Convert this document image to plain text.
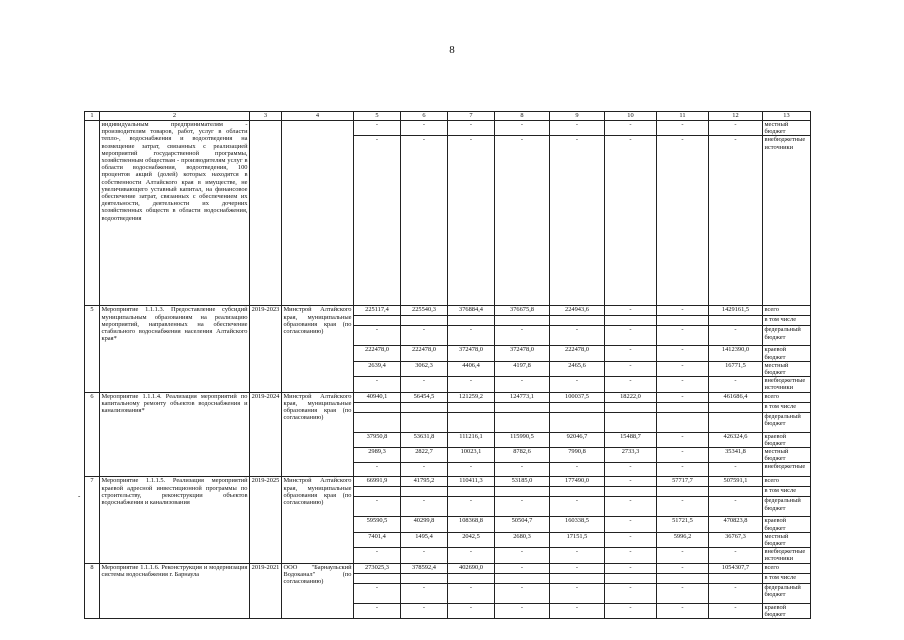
8
1	2	3	4	5	6	7	8	9	10	11	12	13
	индивидуальным предпринимателям - производителям товаров, работ, услуг в области тепло-, водоснабжения и водоотведения на возмещение затрат, связанных с реализацией мероприятий государственной программы, хозяйственным обществам - производителям услуг в области водоснабжения, водоотведения, 100 процентов акций (долей) которых находятся в собственности Алтайского края в имуществе, не увеличивающего уставный капитал, на финансовое обеспечение затрат, связанных с обеспечением их деятельности, деятельности их дочерних хозяйственных обществ в области водоснабжения, водоотведения			-	-	-	-	-	-	-	-	местный бюджет
				-	-	-	-	-	-	-	-	внебюджетные источники
5	Мероприятие 1.1.1.3. Предоставление субсидий муниципальным образованиям на реализацию мероприятий, направленных на обеспечение стабильного водоснабжения населения Алтайского края*	2019-2023	Минстрой Алтайского края, муниципальные образования края (по согласованию)	225117,4	225540,3	376884,4	376675,8	224943,6	-	-	1429161,5	всего
												в том числе
				-	-	-	-	-	-	-	-	федеральный бюджет
				222478,0	222478,0	372478,0	372478,0	222478,0	-	-	1412390,0	краевой бюджет
				2639,4	3062,3	4406,4	4197,8	2465,6	-	-	16771,5	местный бюджет
				-	-	-	-	-	-	-	-	внебюджетные источники
6	Мероприятие 1.1.1.4. Реализация мероприятий по капитальному ремонту объектов водоснабжения и канализования*	2019-2024	Минстрой Алтайского края, муниципальные образования края (по согласованию)	40940,1	56454,5	121259,2	124773,1	100037,5	18222,0	-	461686,4	всего
												в том числе
												федеральный бюджет
				37950,8	53631,8	111216,1	115990,5	92046,7	15488,7	-	426324,6	краевой бюджет
				2989,3	2822,7	10023,1	8782,6	7990,8	2733,3	-	35341,8	местный бюджет
				-	-	-	-	-	-	-	-	внебюджетные
7	Мероприятие 1.1.1.5. Реализация мероприятий краевой адресной инвестиционной программы по строительству, реконструкции объектов водоснабжения и канализования	2019-2025	Минстрой Алтайского края, муниципальные образования края (по согласованию)	66991,9	41795,2	110411,3	53185,0	177490,0	-	57717,7	507591,1	всего
												в том числе
				-	-	-	-	-	-	-	-	федеральный бюджет
				59590,5	40299,8	108368,8	50504,7	160338,5	-	51721,5	470823,8	краевой бюджет
				7401,4	1495,4	2042,5	2680,3	17151,5	-	5996,2	36767,3	местный бюджет
				-	-	-	-	-	-	-	-	внебюджетные источники
8	Мероприятие 1.1.1.6. Реконструкция и модернизация системы водоснабжения г. Барнаула	2019-2021	ООО "Барнаульский Водоканал" (по согласованию)	273025,3	378592,4	402690,0	-	-	-	-	1054307,7	всего
												в том числе
				-	-	-	-	-	-	-	-	федеральный бюджет
				-	-	-	-	-	-	-	-	краевой бюджет
-
